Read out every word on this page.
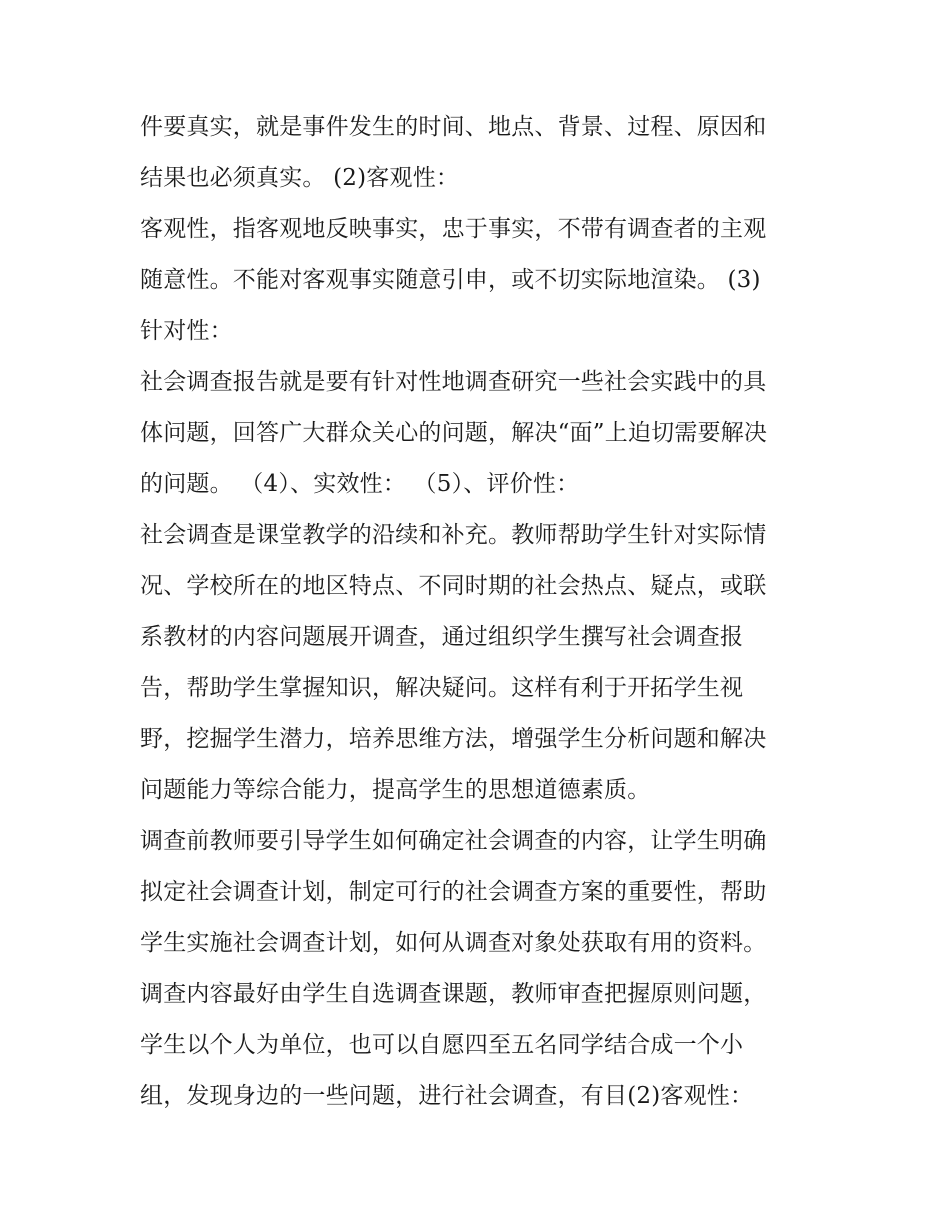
件要真实，就是事件发生的时间、地点、背景、过程、原因和
结果也必须真实。 (2)客观性：
客观性，指客观地反映事实，忠于事实，不带有调查者的主观
随意性。不能对客观事实随意引申，或不切实际地渲染。 (3)
针对性：
社会调查报告就是要有针对性地调查研究一些社会实践中的具
体问题，回答广大群众关心的问题，解决“面”上迫切需要解决
的问题。 （4）、实效性： （5）、评价性：
社会调查是课堂教学的沿续和补充。教师帮助学生针对实际情
况、学校所在的地区特点、不同时期的社会热点、疑点，或联
系教材的内容问题展开调查，通过组织学生撰写社会调查报
告，帮助学生掌握知识，解决疑问。这样有利于开拓学生视
野，挖掘学生潜力，培养思维方法，增强学生分析问题和解决
问题能力等综合能力，提高学生的思想道德素质。
调查前教师要引导学生如何确定社会调查的内容，让学生明确
拟定社会调查计划，制定可行的社会调查方案的重要性，帮助
学生实施社会调查计划，如何从调查对象处获取有用的资料。
调查内容最好由学生自选调查课题，教师审查把握原则问题，
学生以个人为单位，也可以自愿四至五名同学结合成一个小
组，发现身边的一些问题，进行社会调查，有目(2)客观性：
